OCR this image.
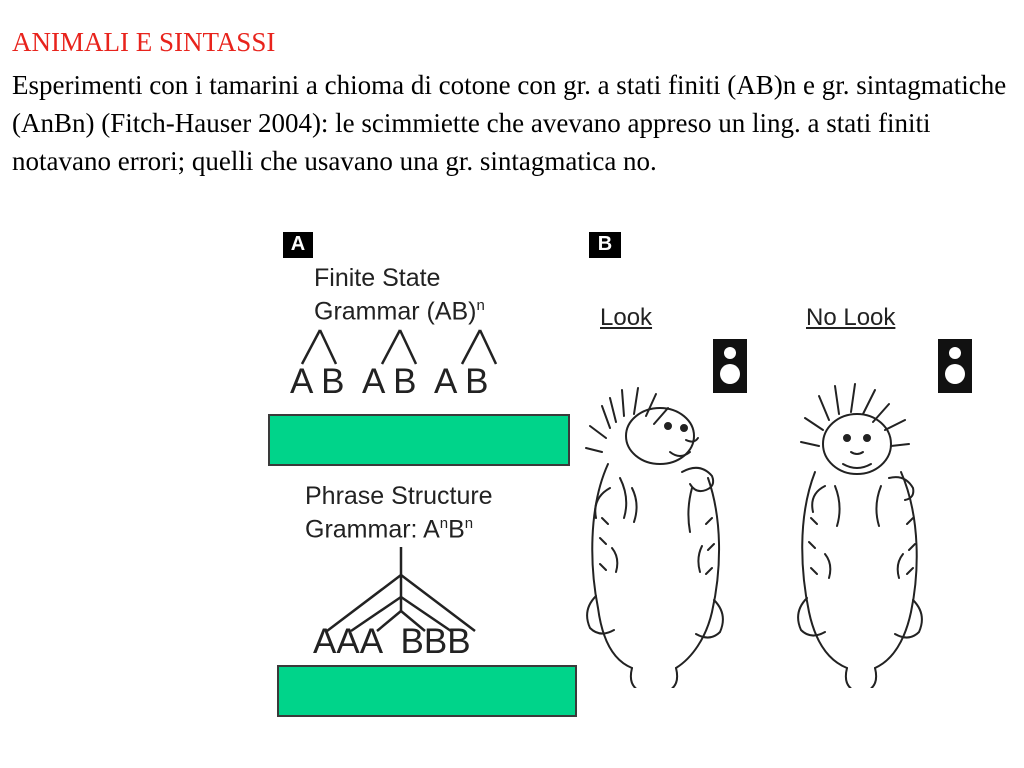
ANIMALI E SINTASSI

Esperimenti con i tamarini a chioma di cotone con gr. a stati finiti (AB)n e gr. sintagmatiche (AnBn) (Fitch-Hauser 2004): le scimmiette che avevano appreso un ling. a stati finiti notavano errori; quelli che usavano una gr. sintagmatica no.

A
Finite State
Grammar (AB)$^n$
A B  A B  A B
Phrase Structure
Grammar: $A^nB^n$
AAA  BBB
B
Look	No Look
